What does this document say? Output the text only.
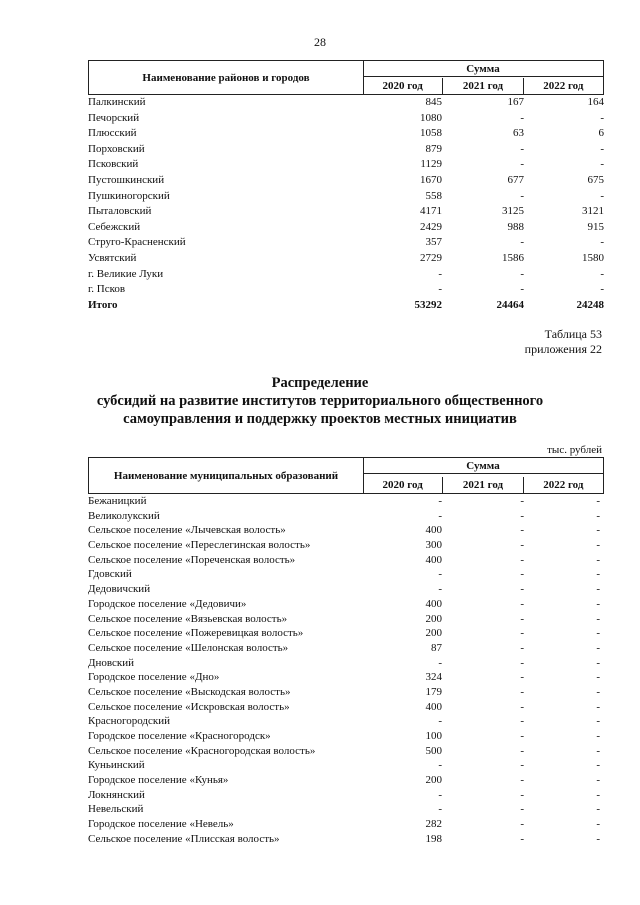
28
Наименование районов и городов
Сумма
2020 год	2021 год	2022 год
Палкинский	845	167	164
Печорский	1080	-	-
Плюсский	1058	63	6
Порховский	879	-	-
Псковский	1129	-	-
Пустошкинский	1670	677	675
Пушкиногорский	558	-	-
Пыталовский	4171	3125	3121
Себежский	2429	988	915
Струго-Красненский	357	-	-
Усвятский	2729	1586	1580
г. Великие Луки	-	-	-
г. Псков	-	-	-
Итого	53292	24464	24248
Таблица 53
приложения 22
Распределение
субсидий на развитие институтов территориального общественного
самоуправления и поддержку проектов местных инициатив
тыс. рублей
Наименование муниципальных образований
Сумма
2020 год	2021 год	2022 год
Бежаницкий	-	-	-
Великолукский	-	-	-
Сельское поселение «Лычевская волость»	400	-	-
Сельское поселение «Переслегинская волость»	300	-	-
Сельское поселение «Пореченская волость»	400	-	-
Гдовский	-	-	-
Дедовичский	-	-	-
Городское поселение «Дедовичи»	400	-	-
Сельское поселение «Вязьевская волость»	200	-	-
Сельское поселение «Пожеревицкая волость»	200	-	-
Сельское поселение «Шелонская волость»	87	-	-
Дновский	-	-	-
Городское поселение «Дно»	324	-	-
Сельское поселение «Выскодская волость»	179	-	-
Сельское поселение «Искровская волость»	400	-	-
Красногородский	-	-	-
Городское поселение «Красногородск»	100	-	-
Сельское поселение «Красногородская волость»	500	-	-
Куньинский	-	-	-
Городское поселение «Кунья»	200	-	-
Локнянский	-	-	-
Невельский	-	-	-
Городское поселение «Невель»	282	-	-
Сельское поселение «Плисская волость»	198	-	-
